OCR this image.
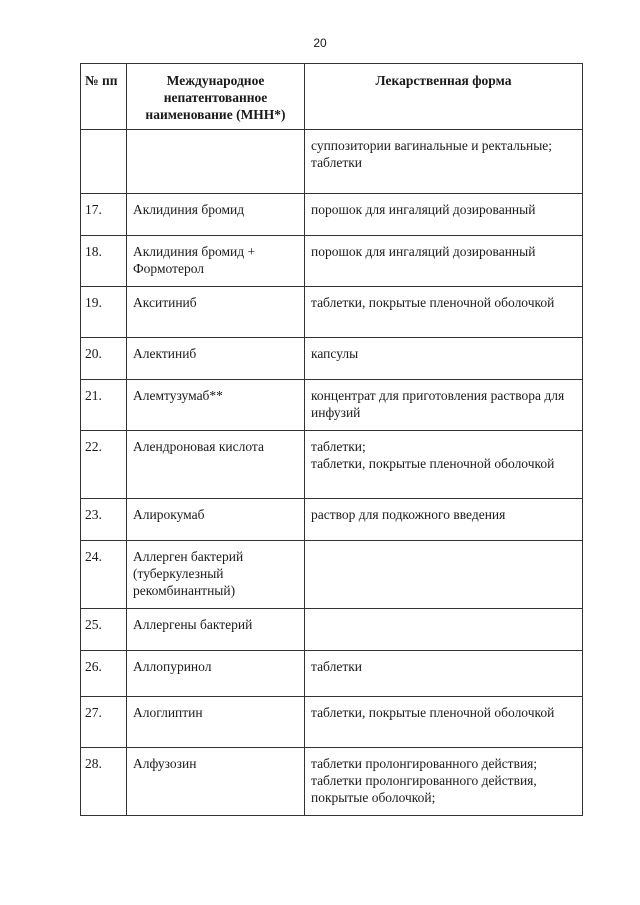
20
№ пп	Международное непатентованное наименование (МНН*)	Лекарственная форма
		суппозитории вагинальные и ректальные;
таблетки
17.	Аклидиния бромид	порошок для ингаляций дозированный
18.	Аклидиния бромид + Формотерол	порошок для ингаляций дозированный
19.	Акситиниб	таблетки, покрытые пленочной оболочкой
20.	Алектиниб	капсулы
21.	Алемтузумаб**	концентрат для приготовления раствора для инфузий
22.	Алендроновая кислота	таблетки;
таблетки, покрытые пленочной оболочкой
23.	Алирокумаб	раствор для подкожного введения
24.	Аллерген бактерий (туберкулезный рекомбинантный)	
25.	Аллергены бактерий	
26.	Аллопуринол	таблетки
27.	Алоглиптин	таблетки, покрытые пленочной оболочкой
28.	Алфузозин	таблетки пролонгированного действия;
таблетки пролонгированного действия, покрытые оболочкой;
